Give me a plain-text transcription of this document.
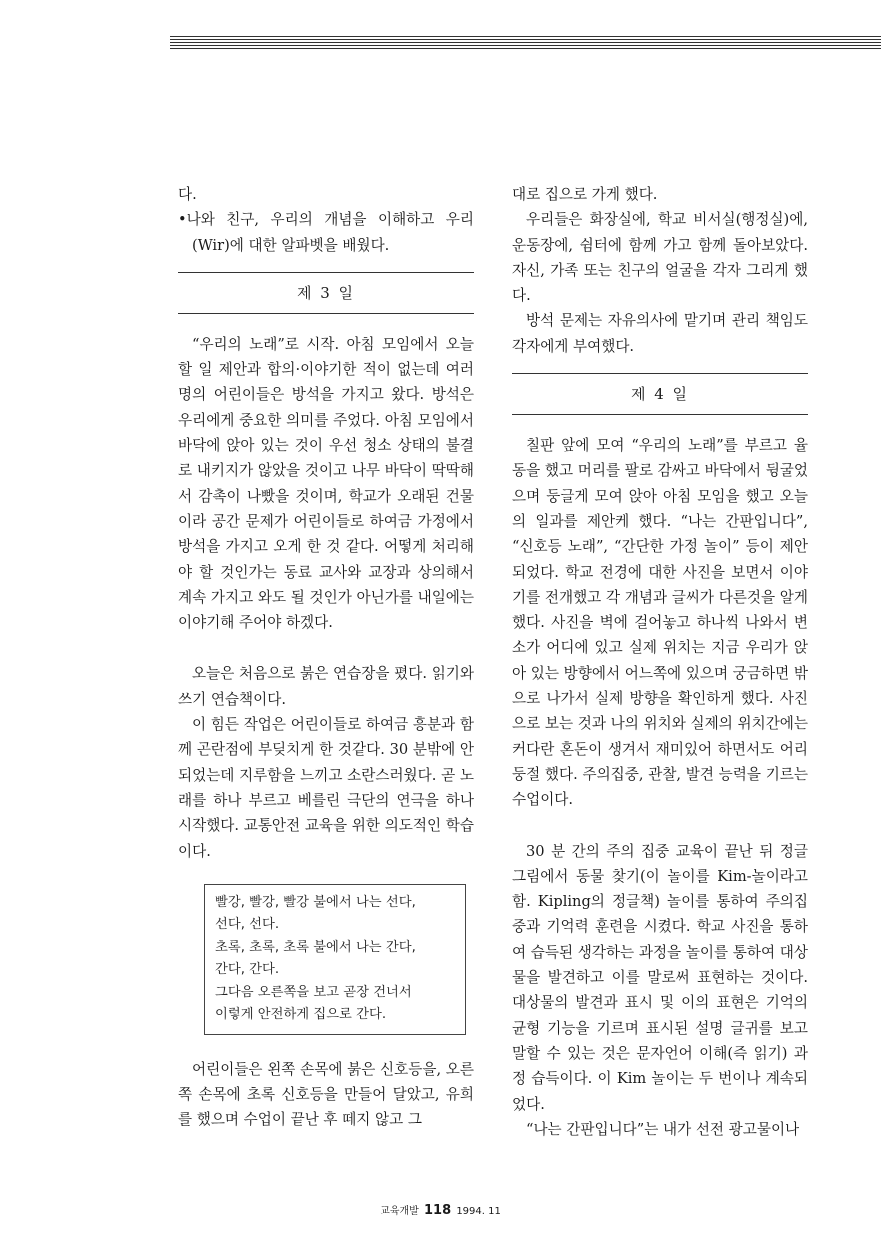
다.

•나와 친구, 우리의 개념을 이해하고 우리(Wir)에 대한 알파벳을 배웠다.

제 3 일

“우리의 노래”로 시작. 아침 모임에서 오늘 할 일 제안과 합의·이야기한 적이 없는데 여러 명의 어린이들은 방석을 가지고 왔다. 방석은 우리에게 중요한 의미를 주었다. 아침 모임에서 바닥에 앉아 있는 것이 우선 청소 상태의 불결로 내키지가 않았을 것이고 나무 바닥이 딱딱해서 감촉이 나빴을 것이며, 학교가 오래된 건물이라 공간 문제가 어린이들로 하여금 가정에서 방석을 가지고 오게 한 것 같다. 어떻게 처리해야 할 것인가는 동료 교사와 교장과 상의해서 계속 가지고 와도 될 것인가 아닌가를 내일에는 이야기해 주어야 하겠다.

오늘은 처음으로 붉은 연습장을 폈다. 읽기와 쓰기 연습책이다.

이 힘든 작업은 어린이들로 하여금 흥분과 함께 곤란점에 부딪치게 한 것같다. 30 분밖에 안되었는데 지루함을 느끼고 소란스러웠다. 곧 노래를 하나 부르고 베를린 극단의 연극을 하나 시작했다. 교통안전 교육을 위한 의도적인 학습이다.

빨강, 빨강, 빨강 불에서 나는 선다,
선다, 선다.
초록, 초록, 초록 불에서 나는 간다,
간다, 간다.
그다음 오른쪽을 보고 곧장 건너서
이렇게 안전하게 집으로 간다.

어린이들은 왼쪽 손목에 붉은 신호등을, 오른쪽 손목에 초록 신호등을 만들어 달았고, 유희를 했으며 수업이 끝난 후 떼지 않고 그

대로 집으로 가게 했다.

우리들은 화장실에, 학교 비서실(행정실)에, 운동장에, 쉼터에 함께 가고 함께 돌아보았다. 자신, 가족 또는 친구의 얼굴을 각자 그리게 했다.

방석 문제는 자유의사에 맡기며 관리 책임도 각자에게 부여했다.

제 4 일

칠판 앞에 모여 “우리의 노래”를 부르고 율동을 했고 머리를 팔로 감싸고 바닥에서 뒹굴었으며 둥글게 모여 앉아 아침 모임을 했고 오늘의 일과를 제안케 했다. “나는 간판입니다”, “신호등 노래”, “간단한 가정 놀이” 등이 제안되었다. 학교 전경에 대한 사진을 보면서 이야기를 전개했고 각 개념과 글씨가 다른것을 알게 했다. 사진을 벽에 걸어놓고 하나씩 나와서 변소가 어디에 있고 실제 위치는 지금 우리가 앉아 있는 방향에서 어느쪽에 있으며 궁금하면 밖으로 나가서 실제 방향을 확인하게 했다. 사진으로 보는 것과 나의 위치와 실제의 위치간에는 커다란 혼돈이 생겨서 재미있어 하면서도 어리둥절 했다. 주의집중, 관찰, 발견 능력을 기르는 수업이다.

30 분 간의 주의 집중 교육이 끝난 뒤 정글 그림에서 동물 찾기(이 놀이를 Kim-놀이라고 함. Kipling의 정글책) 놀이를 통하여 주의집중과 기억력 훈련을 시켰다. 학교 사진을 통하여 습득된 생각하는 과정을 놀이를 통하여 대상물을 발견하고 이를 말로써 표현하는 것이다. 대상물의 발견과 표시 및 이의 표현은 기억의 균형 기능을 기르며 표시된 설명 글귀를 보고 말할 수 있는 것은 문자언어 이해(즉 읽기) 과정 습득이다. 이 Kim 놀이는 두 번이나 계속되었다.

“나는 간판입니다”는 내가 선전 광고물이나

교육개발 118 1994. 11
